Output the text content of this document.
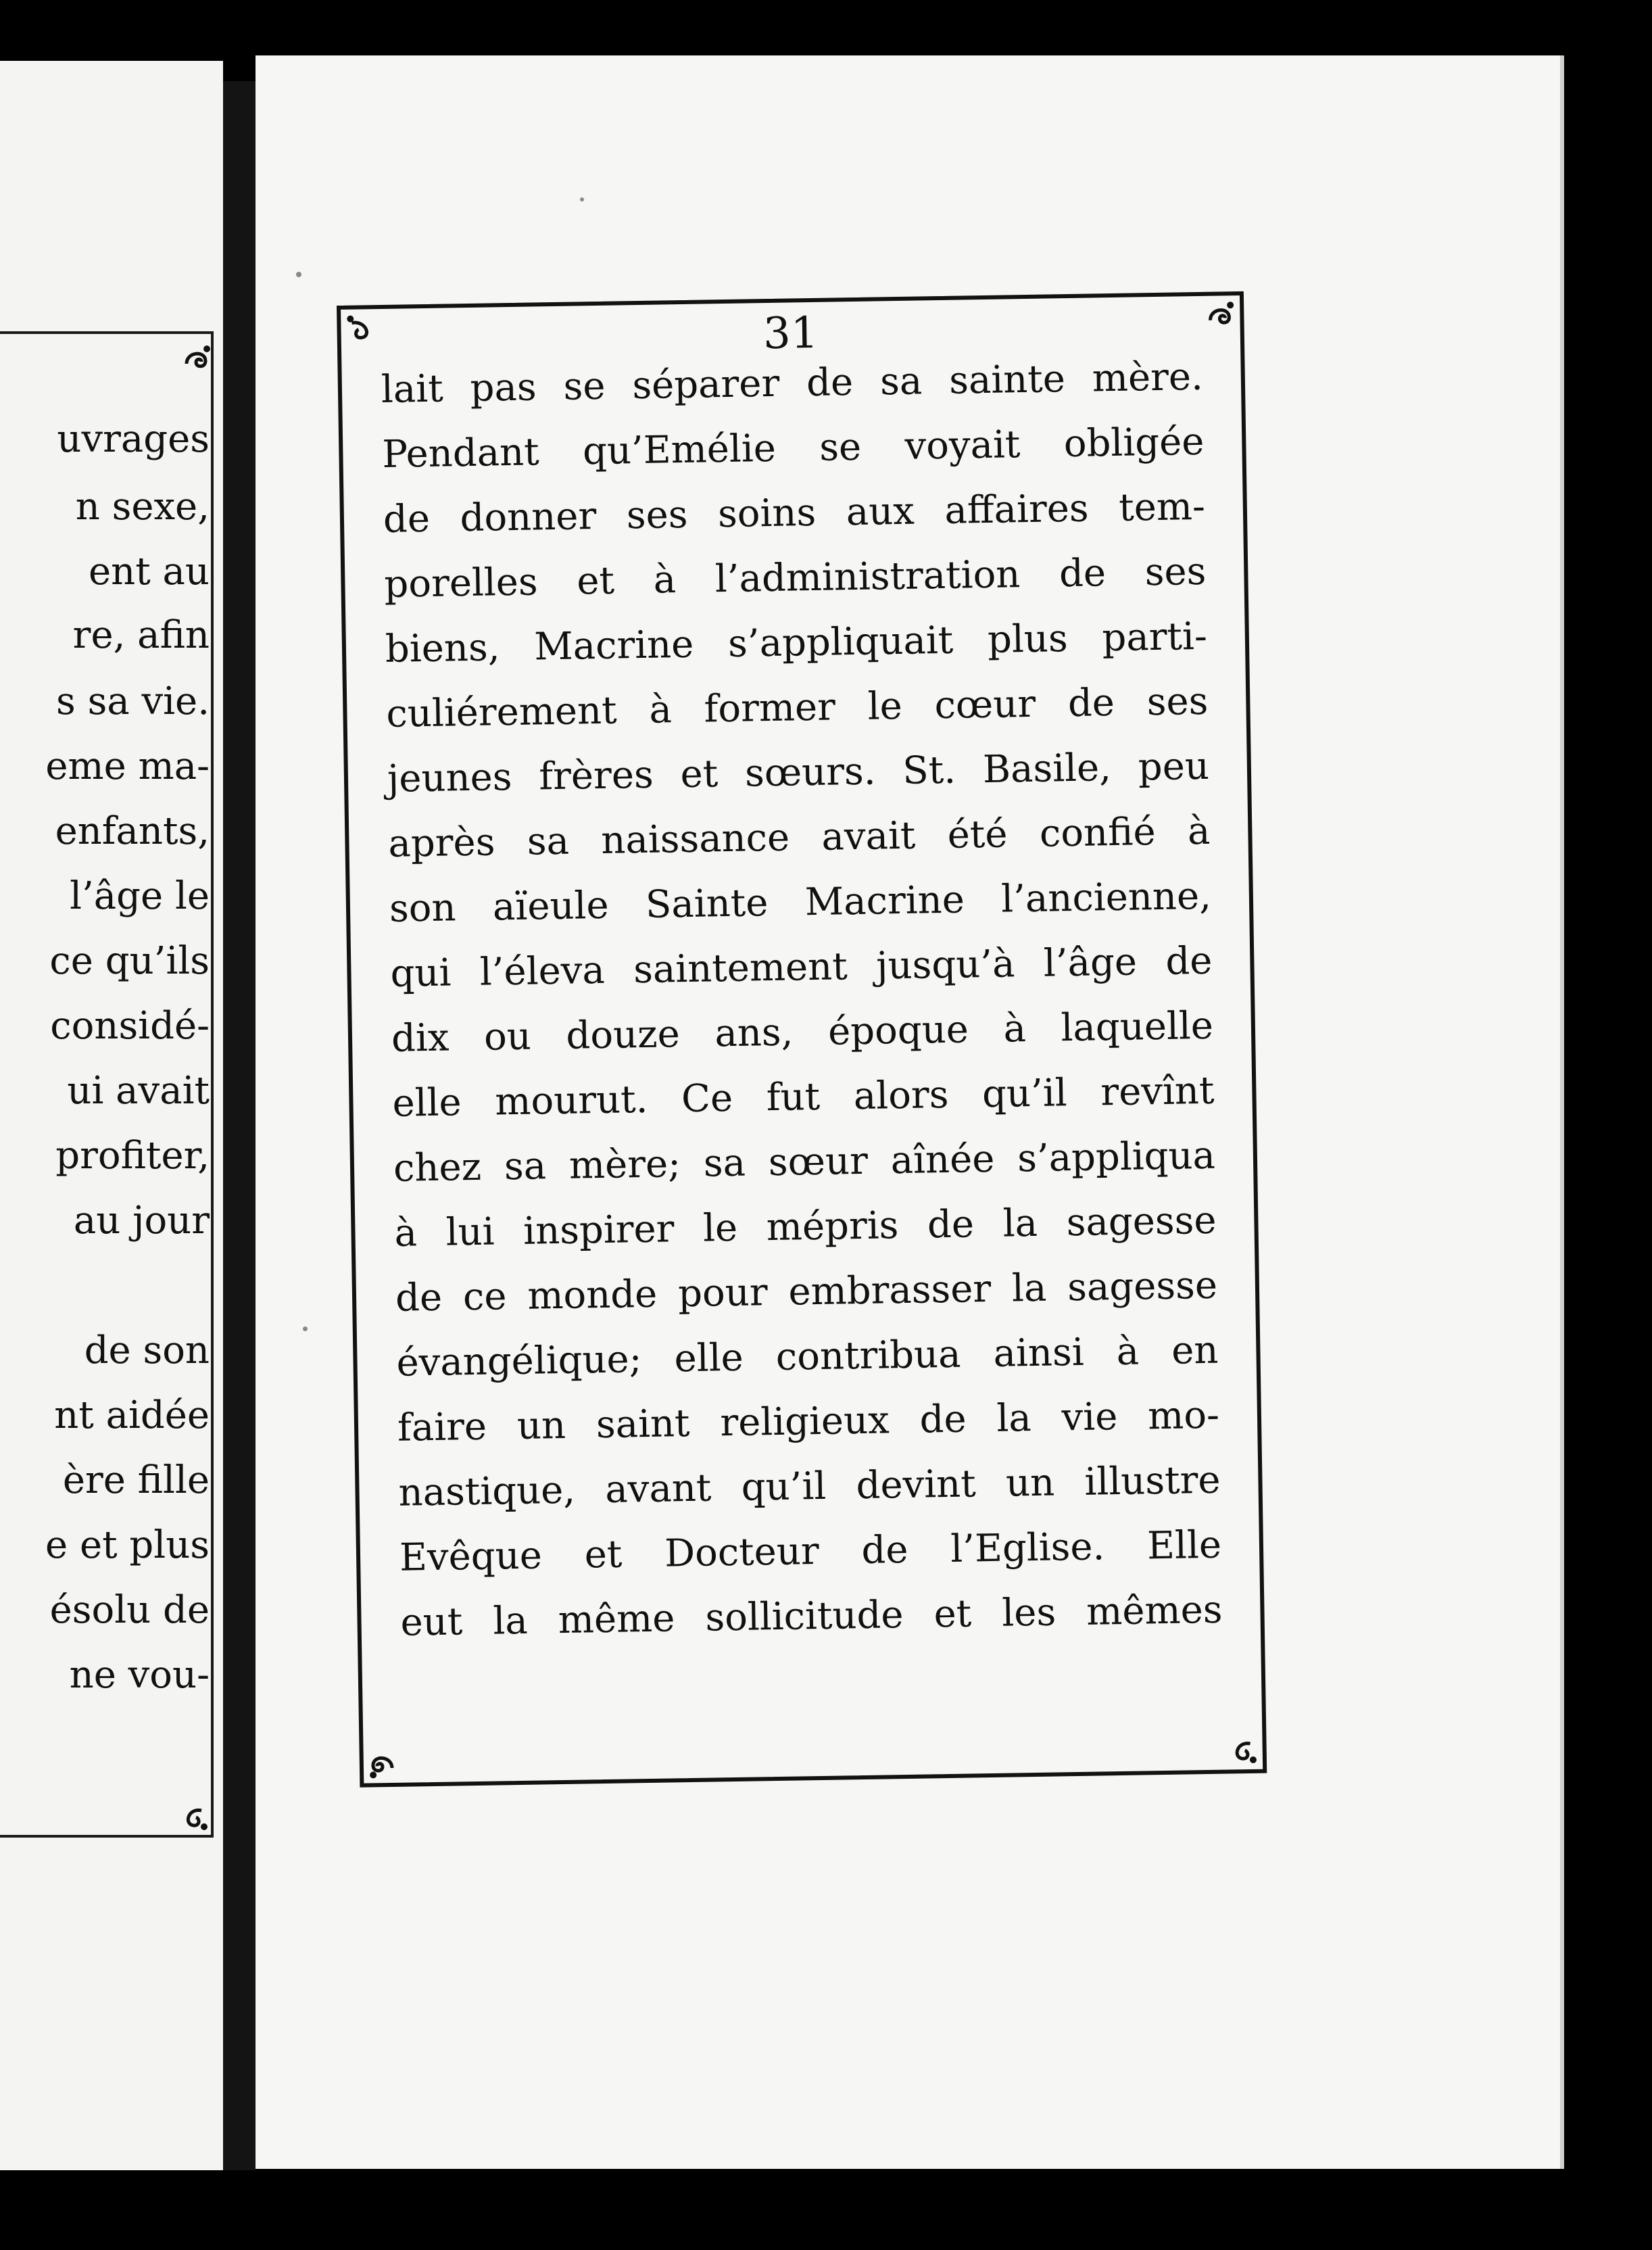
uvrages
n sexe,
ent au
re, afin
s sa vie.
eme ma-
enfants,
l’âge le
ce qu’ils
considé-
ui avait
profiter,
au jour
de son
nt aidée
ère fille
e et plus
ésolu de
ne vou-
31
lait pas se séparer de sa sainte mère.
Pendant qu’Emélie se voyait obligée
de donner ses soins aux affaires tem-
porelles et à l’administration de ses
biens, Macrine s’appliquait plus parti-
culiérement à former le cœur de ses
jeunes frères et sœurs. St. Basile, peu
après sa naissance avait été confié à
son aïeule Sainte Macrine l’ancienne,
qui l’éleva saintement jusqu’à l’âge de
dix ou douze ans, époque à laquelle
elle mourut. Ce fut alors qu’il revînt
chez sa mère; sa sœur aînée s’appliqua
à lui inspirer le mépris de la sagesse
de ce monde pour embrasser la sagesse
évangélique; elle contribua ainsi à en
faire un saint religieux de la vie mo-
nastique, avant qu’il devint un illustre
Evêque et Docteur de l’Eglise. Elle
eut la même sollicitude et les mêmes
